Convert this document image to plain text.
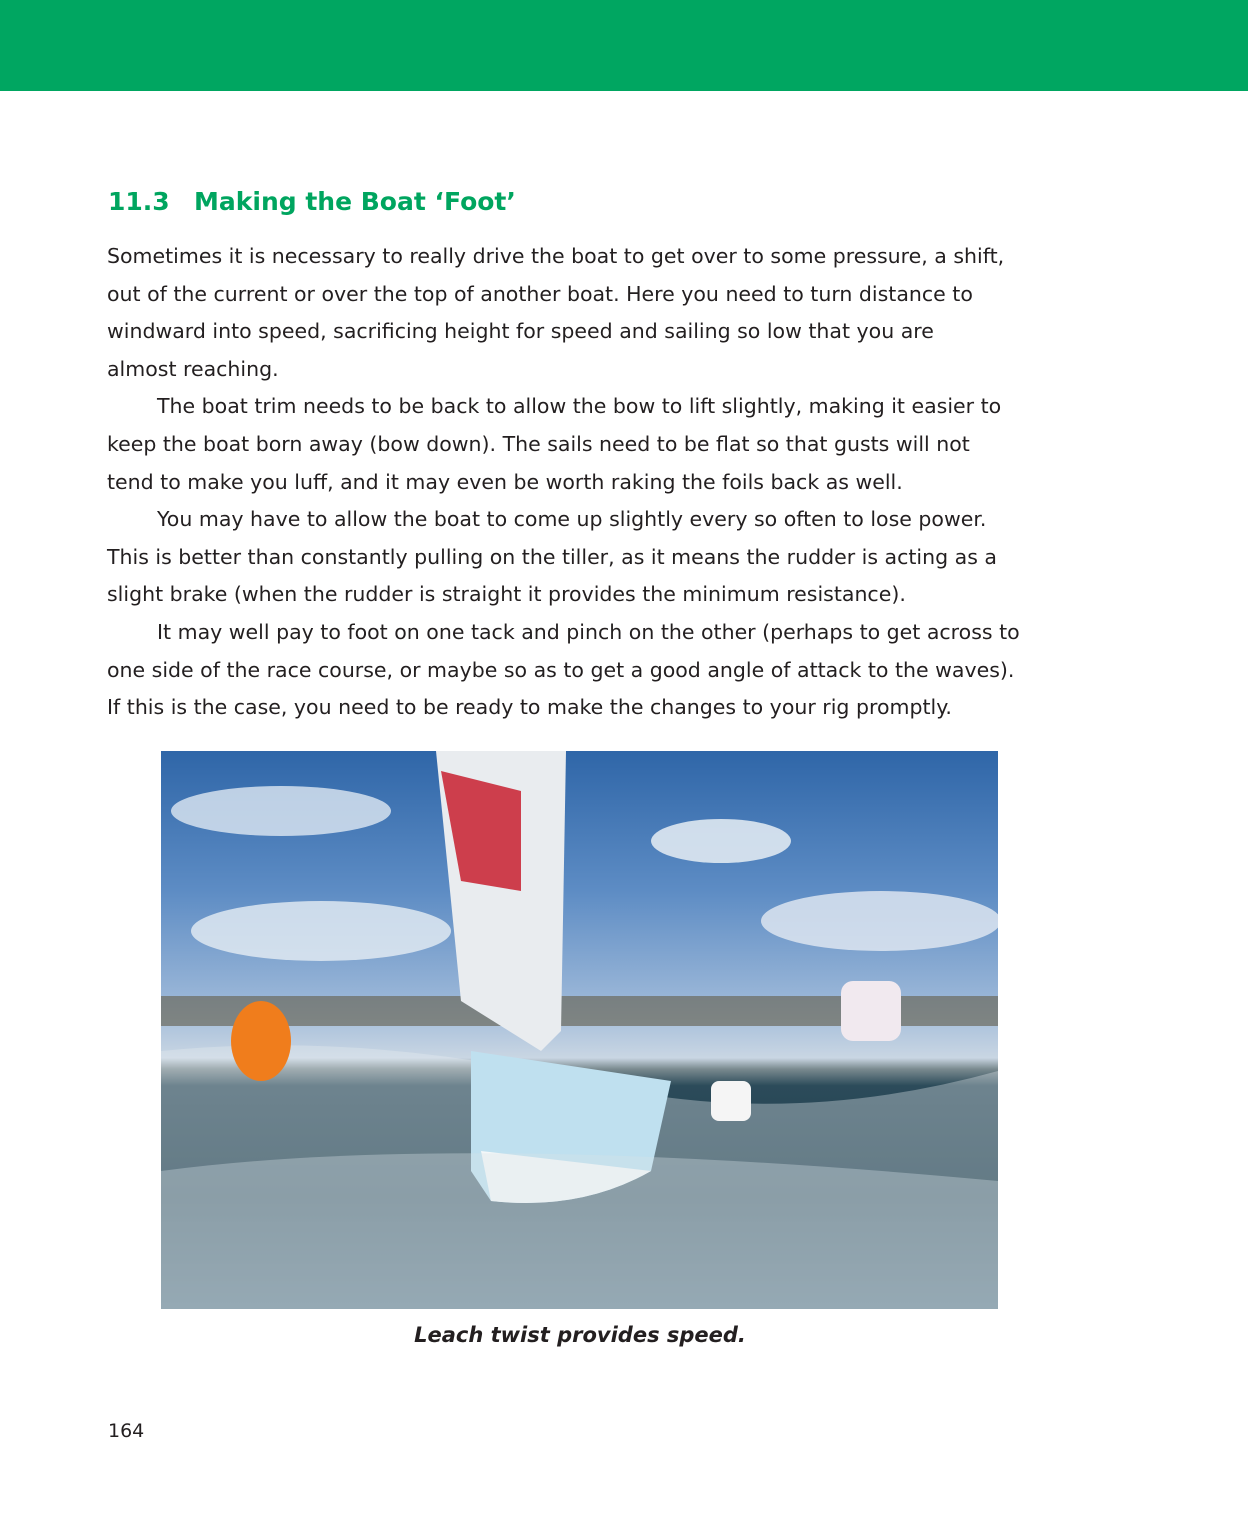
11.3 Making the Boat ‘Foot’

Sometimes it is necessary to really drive the boat to get over to some pressure, a shift,
out of the current or over the top of another boat. Here you need to turn distance to
windward into speed, sacrificing height for speed and sailing so low that you are
almost reaching.

The boat trim needs to be back to allow the bow to lift slightly, making it easier to
keep the boat born away (bow down). The sails need to be flat so that gusts will not
tend to make you luff, and it may even be worth raking the foils back as well.

You may have to allow the boat to come up slightly every so often to lose power.
This is better than constantly pulling on the tiller, as it means the rudder is acting as a
slight brake (when the rudder is straight it provides the minimum resistance).

It may well pay to foot on one tack and pinch on the other (perhaps to get across to
one side of the race course, or maybe so as to get a good angle of attack to the waves).
If this is the case, you need to be ready to make the changes to your rig promptly.

Leach twist provides speed.
164
